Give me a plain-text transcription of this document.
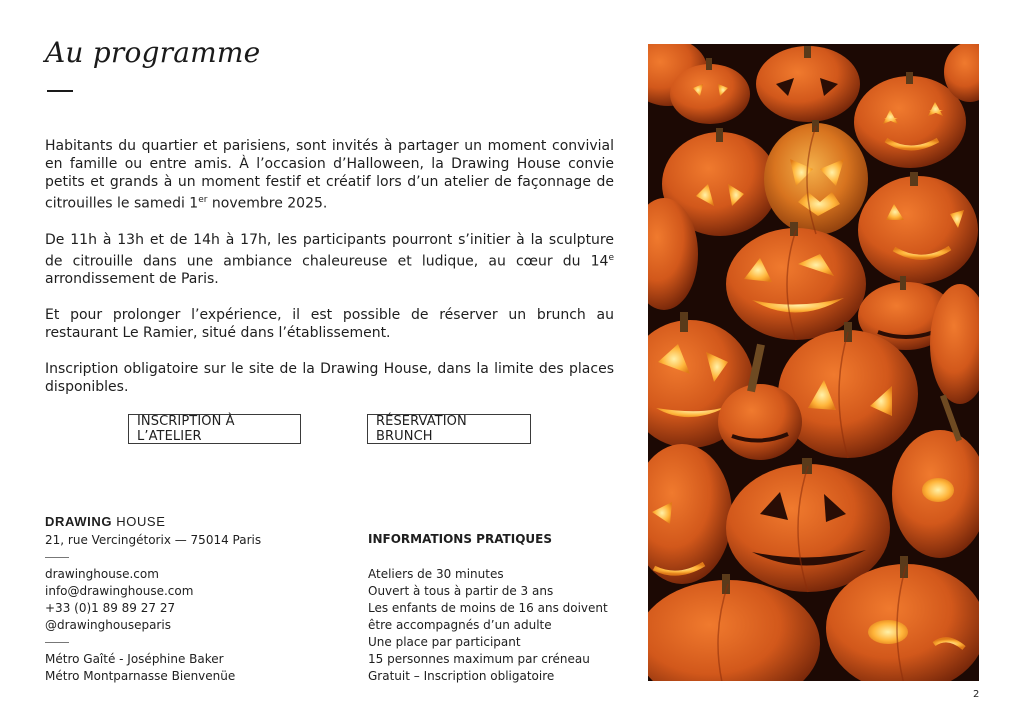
Au programme

Habitants du quartier et parisiens, sont invités à partager un moment convivial en famille ou entre amis. À l’occasion d’Halloween, la Drawing House convie petits et grands à un moment festif et créatif lors d’un atelier de façonnage de citrouilles le samedi 1er novembre 2025.

De 11h à 13h et de 14h à 17h, les participants pourront s’initier à la sculpture de citrouille dans une ambiance chaleureuse et ludique, au cœur du 14e arrondissement de Paris.

Et pour prolonger l’expérience, il est possible de réserver un brunch au restaurant Le Ramier, situé dans l’établissement.

Inscription obligatoire sur le site de la Drawing House, dans la limite des places disponibles.

INSCRIPTION À L’ATELIER
RÉSERVATION BRUNCH
DRAWING HOUSE
21, rue Vercingétorix — 75014 Paris
drawinghouse.com
info@drawinghouse.com
+33 (0)1 89 89 27 27
@drawinghouseparis
Métro Gaîté - Joséphine Baker
Métro Montparnasse Bienvenüe
INFORMATIONS PRATIQUES
Ateliers de 30 minutes
Ouvert à tous à partir de 3 ans
Les enfants de moins de 16 ans doivent
être accompagnés d’un adulte
Une place par participant
15 personnes maximum par créneau
Gratuit – Inscription obligatoire
2
